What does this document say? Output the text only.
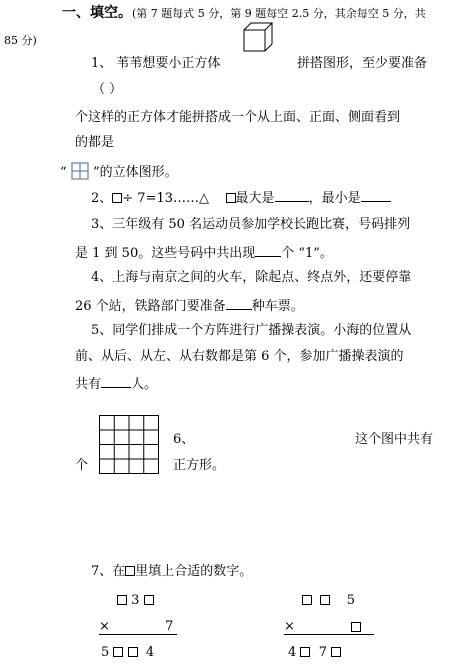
一、填空。(第 7 题每式 5 分，第 9 题每空 2.5 分，其余每空 5 分，共
85 分)
1、 苇苇想要小正方体	拼搭图形，至少要准备
（ ）
个这样的正方体才能拼搭成一个从上面、正面、侧面看到
的都是
“ ”的立体图形。
2、 ÷ 7=13……△ 最大是	，最小是
3、三年级有 50 名运动员参加学校长跑比赛，号码排列
是 1 到 50。这些号码中共出现 个 “1”。
4、上海与南京之间的火车，除起点、终点外，还要停靠
26 个站，铁路部门要准备 种车票。
5、同学们排成一个方阵进行广播操表演。小海的位置从
前、从后、从左、从右数都是第 6 个，参加广播操表演的
共有 人。
6、	这个图中共有
个	正方形。
7、在 里填上合适的数字。
3
×	7
5	4
5
×
4 7
